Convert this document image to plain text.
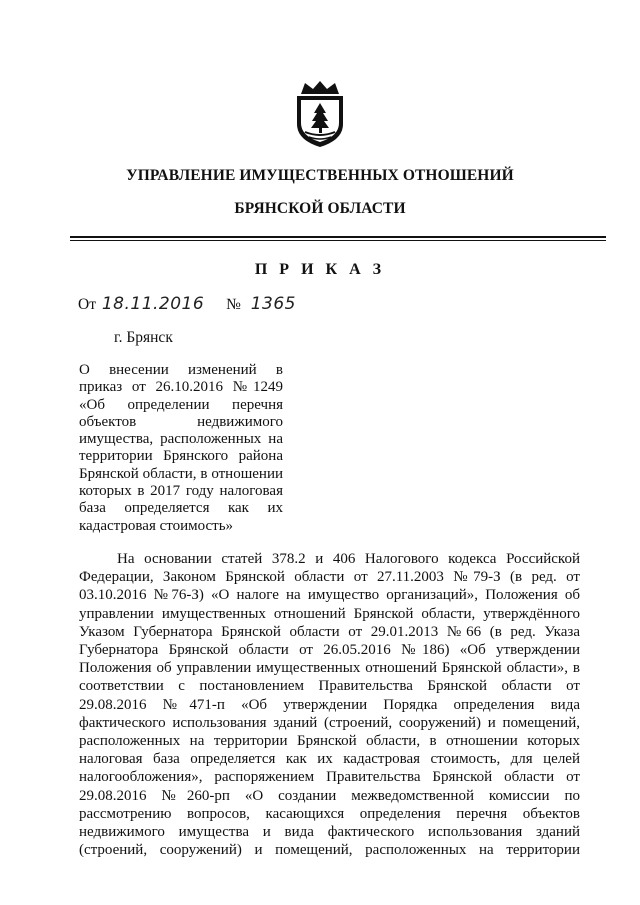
УПРАВЛЕНИЕ ИМУЩЕСТВЕННЫХ ОТНОШЕНИЙ
БРЯНСКОЙ ОБЛАСТИ
П Р И К А З
От 18.11.2016 № 1365
г. Брянск
О внесении изменений в
приказ от 26.10.2016 №1249
«Об определении перечня
объектов недвижимого
имущества, расположенных на
территории Брянского района
Брянской области, в отношении
которых в 2017 году налоговая
база определяется как их
кадастровая стоимость»
На основании статей 378.2 и 406 Налогового кодекса Российской
Федерации, Законом Брянской области от 27.11.2003 №79-З (в ред. от
03.10.2016 №76-З) «О налоге на имущество организаций», Положения об
управлении имущественных отношений Брянской области, утверждённого
Указом Губернатора Брянской области от 29.01.2013 №66 (в ред. Указа
Губернатора Брянской области от 26.05.2016 №186) «Об утверждении
Положения об управлении имущественных отношений Брянской области», в
соответствии с постановлением Правительства Брянской области от
29.08.2016 №471-п «Об утверждении Порядка определения вида
фактического использования зданий (строений, сооружений) и помещений,
расположенных на территории Брянской области, в отношении которых
налоговая база определяется как их кадастровая стоимость, для целей
налогообложения», распоряжением Правительства Брянской области от
29.08.2016 №260-рп «О создании межведомственной комиссии по
рассмотрению вопросов, касающихся определения перечня объектов
недвижимого имущества и вида фактического использования зданий
(строений, сооружений) и помещений, расположенных на территории
